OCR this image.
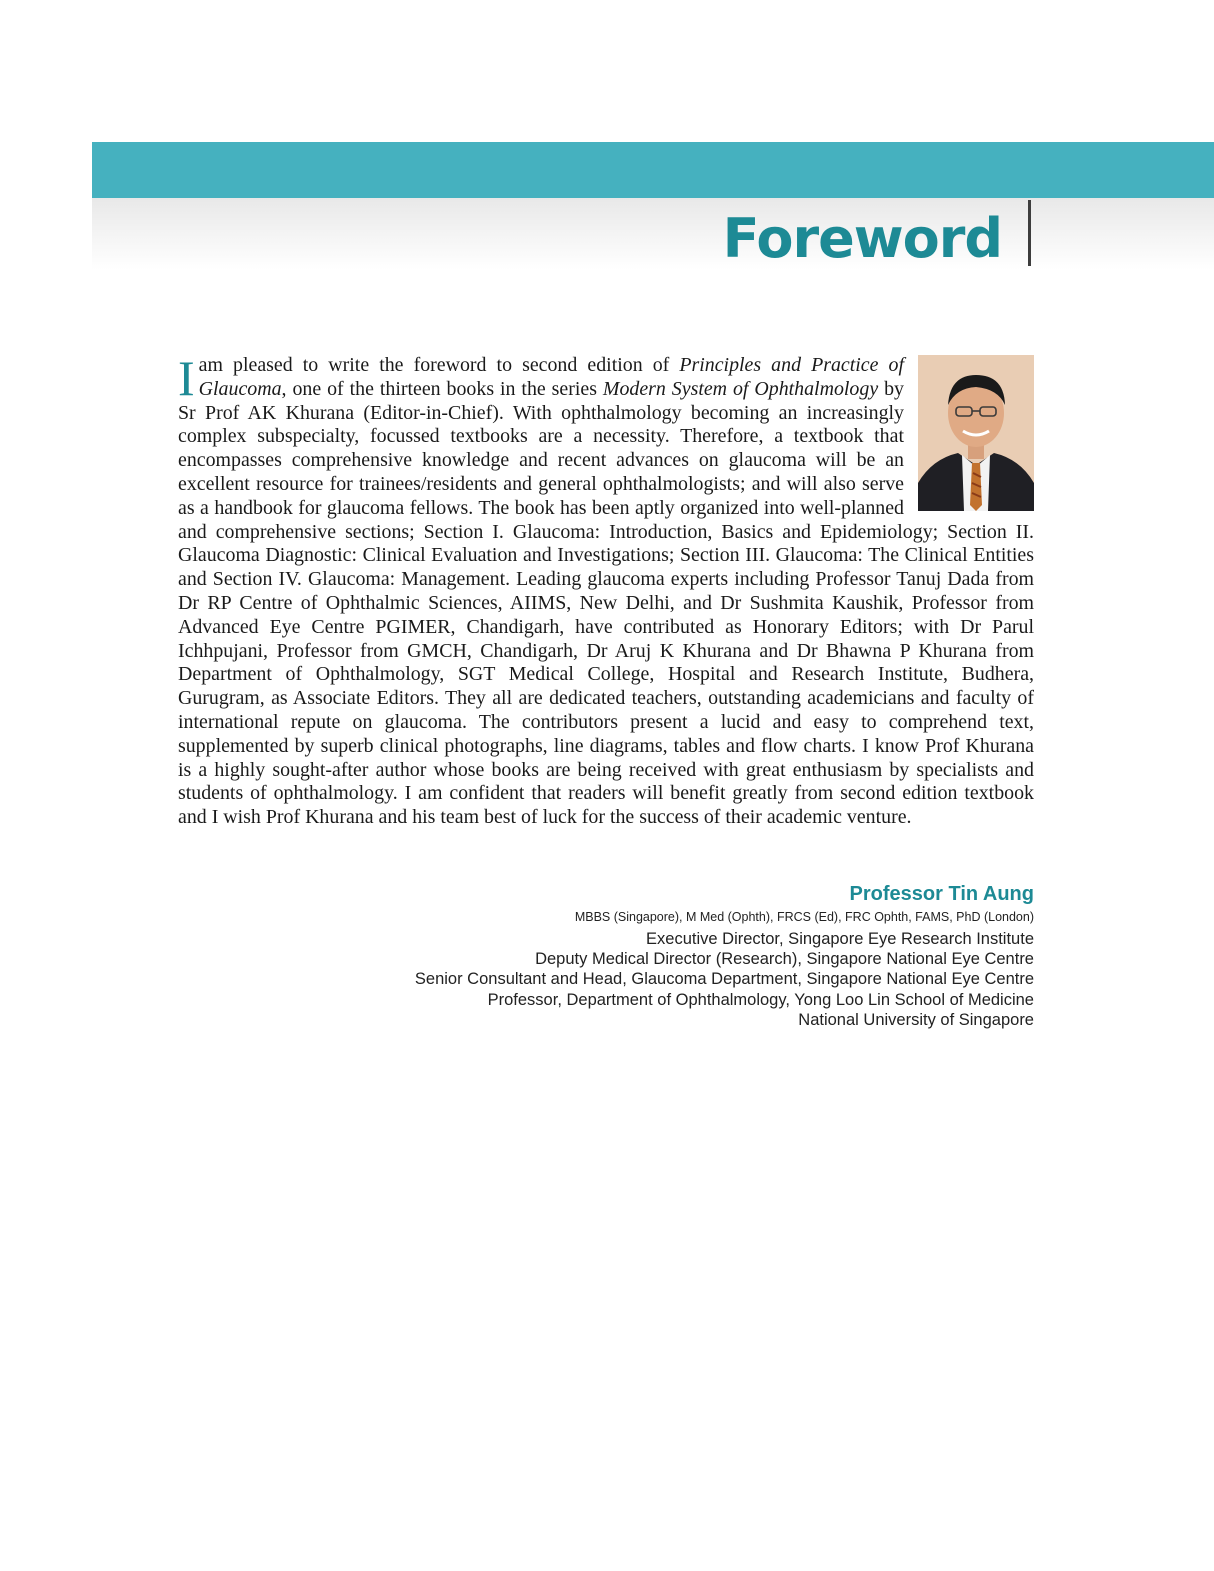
Foreword
I am pleased to write the foreword to second edition of Principles and Practice of Glaucoma, one of the thirteen books in the series Modern System of Ophthalmology by Sr Prof AK Khurana (Editor-in-Chief). With ophthalmology becoming an increasingly complex subspecialty, focussed textbooks are a necessity. Therefore, a textbook that encompasses comprehensive knowledge and recent advances on glaucoma will be an excellent resource for trainees/residents and general ophthalmologists; and will also serve as a handbook for glaucoma fellows. The book has been aptly organized into well-planned and comprehensive sections; Section I. Glaucoma: Introduction, Basics and Epidemiology; Section II. Glaucoma Diagnostic: Clinical Evaluation and Investigations; Section III. Glaucoma: The Clinical Entities and Section IV. Glaucoma: Management. Leading glaucoma experts including Professor Tanuj Dada from Dr RP Centre of Ophthalmic Sciences, AIIMS, New Delhi, and Dr Sushmita Kaushik, Professor from Advanced Eye Centre PGIMER, Chandigarh, have contributed as Honorary Editors; with Dr Parul Ichhpujani, Professor from GMCH, Chandigarh, Dr Aruj K Khurana and Dr Bhawna P Khurana from Department of Ophthalmology, SGT Medical College, Hospital and Research Institute, Budhera, Gurugram, as Associate Editors. They all are dedicated teachers, outstanding academicians and faculty of international repute on glaucoma. The contributors present a lucid and easy to comprehend text, supplemented by superb clinical photographs, line diagrams, tables and flow charts. I know Prof Khurana is a highly sought-after author whose books are being received with great enthusiasm by specialists and students of ophthalmology. I am confident that readers will benefit greatly from second edition textbook and I wish Prof Khurana and his team best of luck for the success of their academic venture.
Professor Tin Aung
MBBS (Singapore), M Med (Ophth), FRCS (Ed), FRC Ophth, FAMS, PhD (London)
Executive Director, Singapore Eye Research Institute
Deputy Medical Director (Research), Singapore National Eye Centre
Senior Consultant and Head, Glaucoma Department, Singapore National Eye Centre
Professor, Department of Ophthalmology, Yong Loo Lin School of Medicine
National University of Singapore
